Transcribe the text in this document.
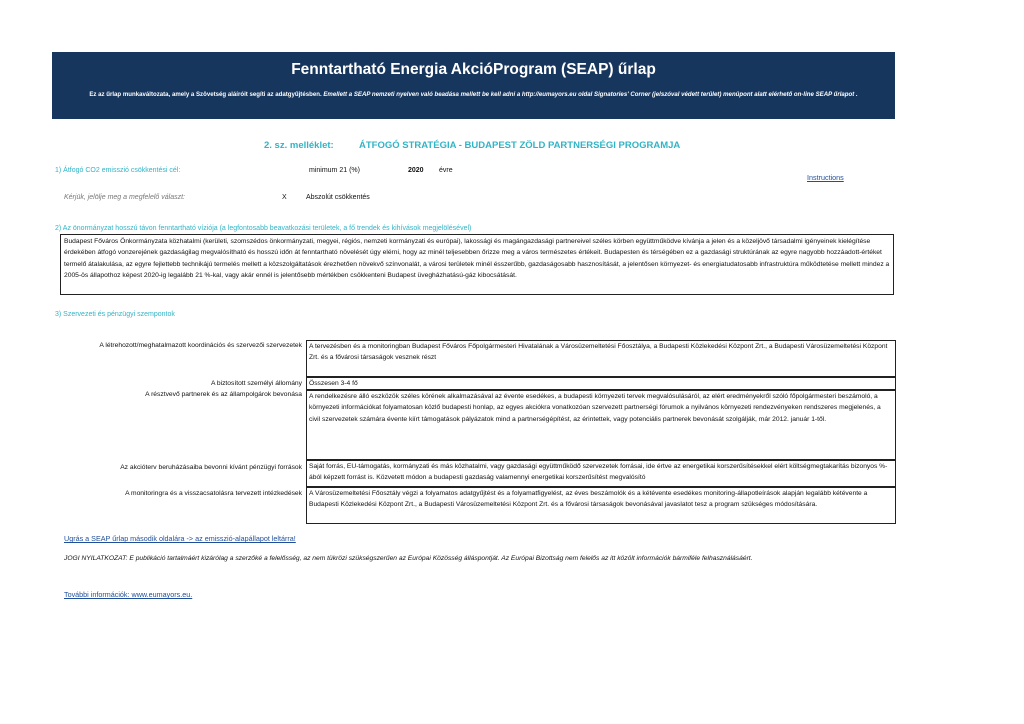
Fenntartható Energia AkcióProgram (SEAP) űrlap
Ez az űrlap munkaváltozata, amely a Szövetség aláíróit segíti az adatgyűjtésben. Emellett a SEAP nemzeti nyelven való beadása mellett be kell adni a http://eumayors.eu oldal Signatories' Corner (jelszóval védett terület) menüpont alatt elérhető on-line SEAP űrlapot .
2. sz. melléklet:	ÁTFOGÓ STRATÉGIA - BUDAPEST ZÖLD PARTNERSÉGI PROGRAMJA
1) Átfogó CO2 emisszió csökkentési cél:	minimum 21 (%)	2020 évre
Instructions
Kérjük, jelölje meg a megfelelő választ:	X	Abszolút csökkentés
2) Az önormányzat hosszú távon fenntartható víziója (a legfontosabb beavatkozási területek, a fő trendek és kihívások megjelölésével)
Budapest Főváros Önkormányzata közhatalmi (kerületi, szomszédos önkormányzati, megyei, régiós, nemzeti kormányzati és európai), lakossági és magángazdasági partnereivel széles körben együttműködve kívánja a jelen és a közeljövő társadalmi igényeinek kielégítése érdekében átfogó vonzerejének gazdaságilag megvalósítható és hosszú időn át fenntartható növelését úgy elérni, hogy az minél teljesebben őrizze meg a város természetes értékeit. Budapesten és térségében ez a gazdasági struktúrának az egyre nagyobb hozzáadott-értéket termelő átalakulása, az egyre fejlettebb technikájú termelés mellett a közszolgáltatások érezhetően növekvő színvonalát, a városi területek minél ésszerűbb, gazdaságosabb hasznosítását, a jelentősen környezet- és energiatudatosabb infrastruktúra működtetése mellett mindez a 2005-ös állapothoz képest 2020-ig legalább 21 %-kal, vagy akár ennél is jelentősebb mértékben csökkenteni Budapest üvegházhatású-gáz kibocsátását.
3) Szervezeti és pénzügyi szempontok
A létrehozott/meghatalmazott koordinációs és szervezői szervezetek	A tervezésben és a monitoringban Budapest Főváros Főpolgármesteri Hivatalának a Városüzemeltetési Főosztálya, a Budapesti Közlekedési Központ Zrt., a Budapesti Városüzemeltetési Központ Zrt. és a fővárosi társaságok vesznek részt
A biztosított személyi állomány	Összesen 3-4 fő
A résztvevő partnerek és az állampolgárok bevonása	A rendelkezésre álló eszközök széles körének alkalmazásával az évente esedékes, a budapesti környezeti tervek megvalósulásáról, az elért eredményekről szóló főpolgármesteri beszámoló, a környezeti információkat folyamatosan közlő budapesti honlap, az egyes akciókra vonatkozóan szervezett partnerségi fórumok a nyilvános környezeti rendezvényeken rendszeres megjelenés, a civil szervezetek számára évente kiírt támogatások pályázatok mind a partnerségépítést, az érintettek, vagy potenciális partnerek bevonását szolgálják, már 2012. január 1-től.
Az akcióterv beruházásaiba bevonni kívánt pénzügyi források	Saját forrás, EU-támogatás, kormányzati és más közhatalmi, vagy gazdasági együttműködő szervezetek forrásai, ide értve az energetikai korszerűsítésekkel elért költségmegtakarítás bizonyos %-ából képzett forrást is. Közvetett módon a budapesti gazdaság valamennyi energetikai korszerűsítést megvalósító
A monitoringra és a visszacsatolásra tervezett intézkedések	A Városüzemeltetési Főosztály végzi a folyamatos adatgyűjtést és a folyamatfigyelést, az éves beszámolók és a kétévente esedékes monitoring-állapotleírások alapján legalább kétévente a Budapesti Közlekedési Központ Zrt., a Budapesti Városüzemeltetési Központ Zrt. és a fővárosi társaságok bevonásával javaslatot tesz a program szükséges módosítására.
Ugrás a SEAP űrlap második oldalára -> az emisszió-alapállapot leltárra!
JOGI NYILATKOZAT: E publikáció tartalmáért kizárólag a szerzőké a felelősség, az nem tükrözi szükségszerűen az Európai Közösség álláspontját. Az Európai Bizottság nem felelős az itt közölt információk bármiféle felhasználásáért.
További információk: www.eumayors.eu.
